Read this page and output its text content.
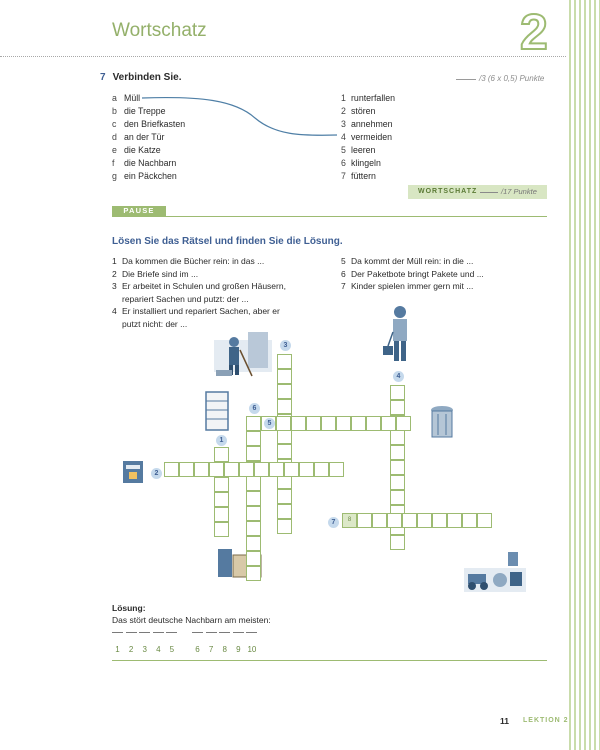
Wortschatz	2
7 Verbinden Sie.	/3 (6 x 0,5) Punkte
a Müll
b die Treppe
c den Briefkasten
d an der Tür
e die Katze
f die Nachbarn
g ein Päckchen
1 runterfallen
2 stören
3 annehmen
4 vermeiden
5 leeren
6 klingeln
7 füttern
WORTSCHATZ	/17 Punkte
PAUSE
Lösen Sie das Rätsel und finden Sie die Lösung.
1 Da kommen die Bücher rein: in das ...
2 Die Briefe sind im ...
3 Er arbeitet in Schulen und großen Häusern,
repariert Sachen und putzt: der ...
4 Er installiert und repariert Sachen, aber er
putzt nicht: der ...
5 Da kommt der Müll rein: in die ...
6 Der Paketbote bringt Pakete und ...
7 Kinder spielen immer gern mit ...
8
1
2
3
4
5
6
7
Lösung:
Das stört deutsche Nachbarn am meisten:
1	2	3	4	5	6	7	8	9 10
11 LEKTION 2
